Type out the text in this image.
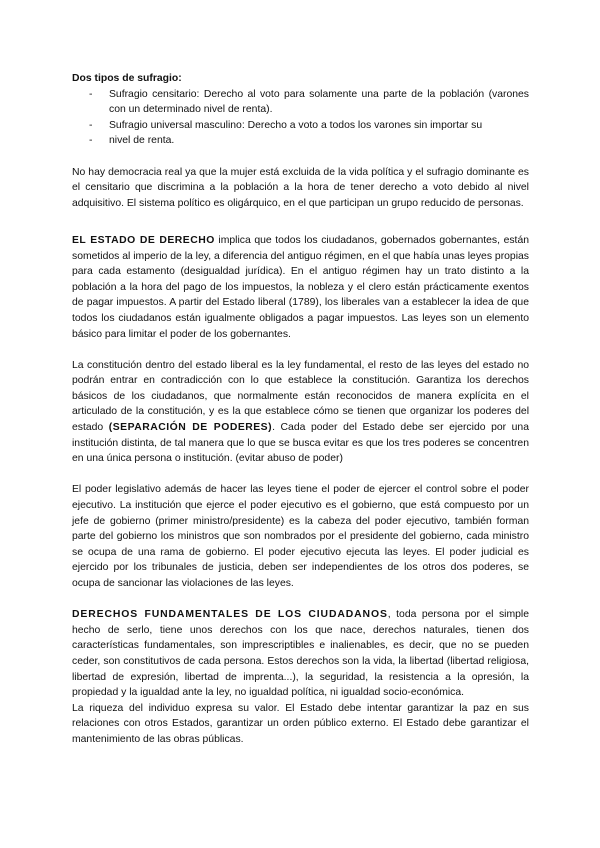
Dos tipos de sufragio:
- Sufragio censitario: Derecho al voto para solamente una parte de la población (varones con un determinado nivel de renta).
- Sufragio universal masculino: Derecho a voto a todos los varones sin importar su
- nivel de renta.

No hay democracia real ya que la mujer está excluida de la vida política y el sufragio dominante es el censitario que discrimina a la población a la hora de tener derecho a voto debido al nivel adquisitivo. El sistema político es oligárquico, en el que participan un grupo reducido de personas.

EL ESTADO DE DERECHO implica que todos los ciudadanos, gobernados gobernantes, están sometidos al imperio de la ley, a diferencia del antiguo régimen, en el que había unas leyes propias para cada estamento (desigualdad jurídica). En el antiguo régimen hay un trato distinto a la población a la hora del pago de los impuestos, la nobleza y el clero están prácticamente exentos de pagar impuestos. A partir del Estado liberal (1789), los liberales van a establecer la idea de que todos los ciudadanos están igualmente obligados a pagar impuestos. Las leyes son un elemento básico para limitar el poder de los gobernantes.

La constitución dentro del estado liberal es la ley fundamental, el resto de las leyes del estado no podrán entrar en contradicción con lo que establece la constitución. Garantiza los derechos básicos de los ciudadanos, que normalmente están reconocidos de manera explícita en el articulado de la constitución, y es la que establece cómo se tienen que organizar los poderes del estado (SEPARACIÓN DE PODERES). Cada poder del Estado debe ser ejercido por una institución distinta, de tal manera que lo que se busca evitar es que los tres poderes se concentren en una única persona o institución. (evitar abuso de poder)

El poder legislativo además de hacer las leyes tiene el poder de ejercer el control sobre el poder ejecutivo. La institución que ejerce el poder ejecutivo es el gobierno, que está compuesto por un jefe de gobierno (primer ministro/presidente) es la cabeza del poder ejecutivo, también forman parte del gobierno los ministros que son nombrados por el presidente del gobierno, cada ministro se ocupa de una rama de gobierno. El poder ejecutivo ejecuta las leyes. El poder judicial es ejercido por los tribunales de justicia, deben ser independientes de los otros dos poderes, se ocupa de sancionar las violaciones de las leyes.

DERECHOS FUNDAMENTALES DE LOS CIUDADANOS, toda persona por el simple hecho de serlo, tiene unos derechos con los que nace, derechos naturales, tienen dos características fundamentales, son imprescriptibles e inalienables, es decir, que no se pueden ceder, son constitutivos de cada persona. Estos derechos son la vida, la libertad (libertad religiosa, libertad de expresión, libertad de imprenta...), la seguridad, la resistencia a la opresión, la propiedad y la igualdad ante la ley, no igualdad política, ni igualdad socio-económica.

La riqueza del individuo expresa su valor. El Estado debe intentar garantizar la paz en sus relaciones con otros Estados, garantizar un orden público externo. El Estado debe garantizar el mantenimiento de las obras públicas.
